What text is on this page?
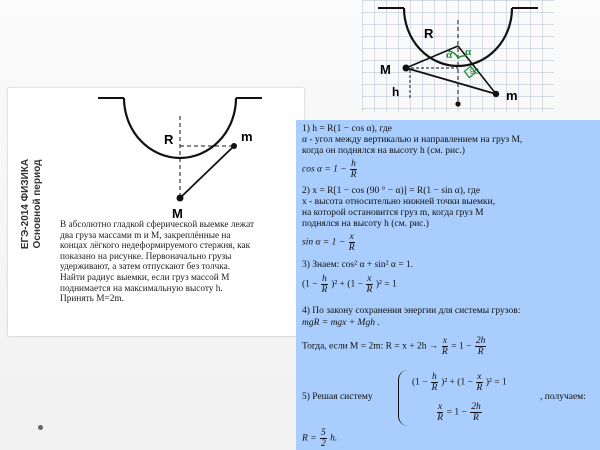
ЕГЭ-2014 ФИЗИКА Основной период
R	m
M

В абсолютно гладкой сферической выемке лежат

два груза массами m и M, закреплённые на

концах лёгкого недеформируемого стержня, как

показано на рисунке. Первоначально грузы

удерживают, а затем отпускают без толчка.

Найти радиус выемки, если груз массой M

поднимается на максимальную высоту h.

Принять M=2m.

R
M
h	m
α α
90
1) h = R(1 − cos α), где
α - угол между вертикалью и направлением на груз M,
когда он поднялся на высоту h (см. рис.)
$\cos \alpha = 1 - \frac{h}{R}$
2) x = R[1 − cos (90 ° − α)] = R(1 − sin α), где
x - высота относительно нижней точки выемки,
на которой остановится груз m, когда груз M
поднялся на высоту h (см. рис.)
$\sin \alpha = 1 - \frac{x}{R}$
3) Знаем: cos² α + sin² α = 1.
$(1 - \frac{h}{R} )^2 + (1 - \frac{x}{R} )^2 = 1$
4) По закону сохранения энергии для системы грузов:
mgR = mgx + Mgh .
Тогда, если M = 2m: $R = x + 2h \to \frac{x}{R} = 1 - \frac{2h}{R}$
5) Решая систему
$(1 - \frac{h}{R} )^2 + (1 - \frac{x}{R} )^2 = 1$
$\frac{x}{R} = 1 - \frac{2h}{R}$
, получаем:
$R = \frac{5}{2} h$.
